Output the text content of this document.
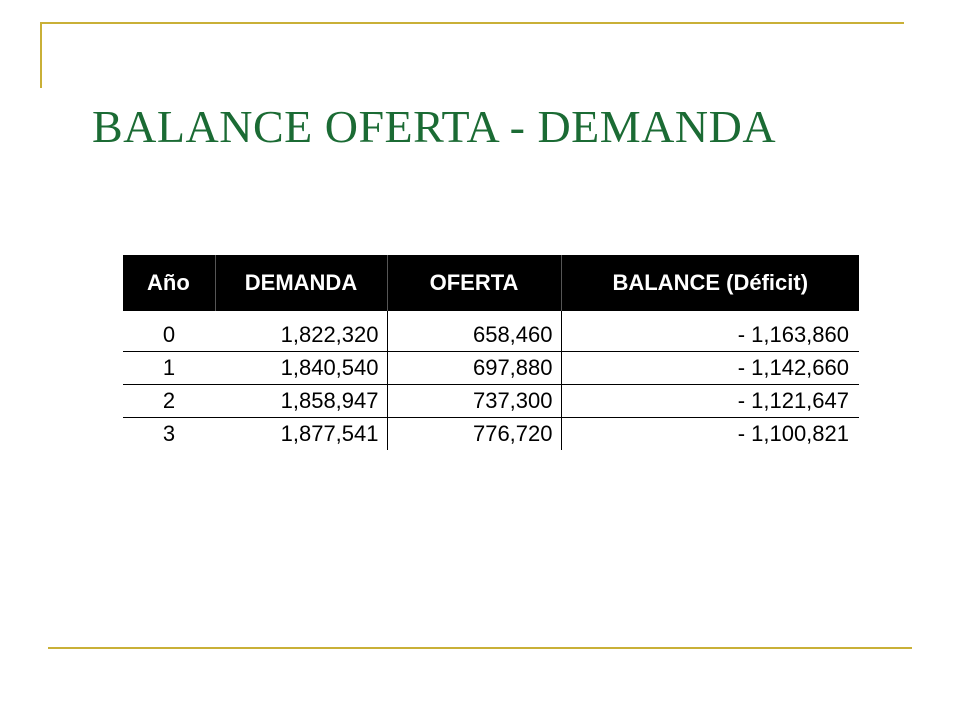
BALANCE OFERTA - DEMANDA
Año	DEMANDA	OFERTA	BALANCE (Déficit)

0	1,822,320	658,460	- 1,163,860
1	1,840,540	697,880	- 1,142,660
2	1,858,947	737,300	- 1,121,647
3	1,877,541	776,720	- 1,100,821
